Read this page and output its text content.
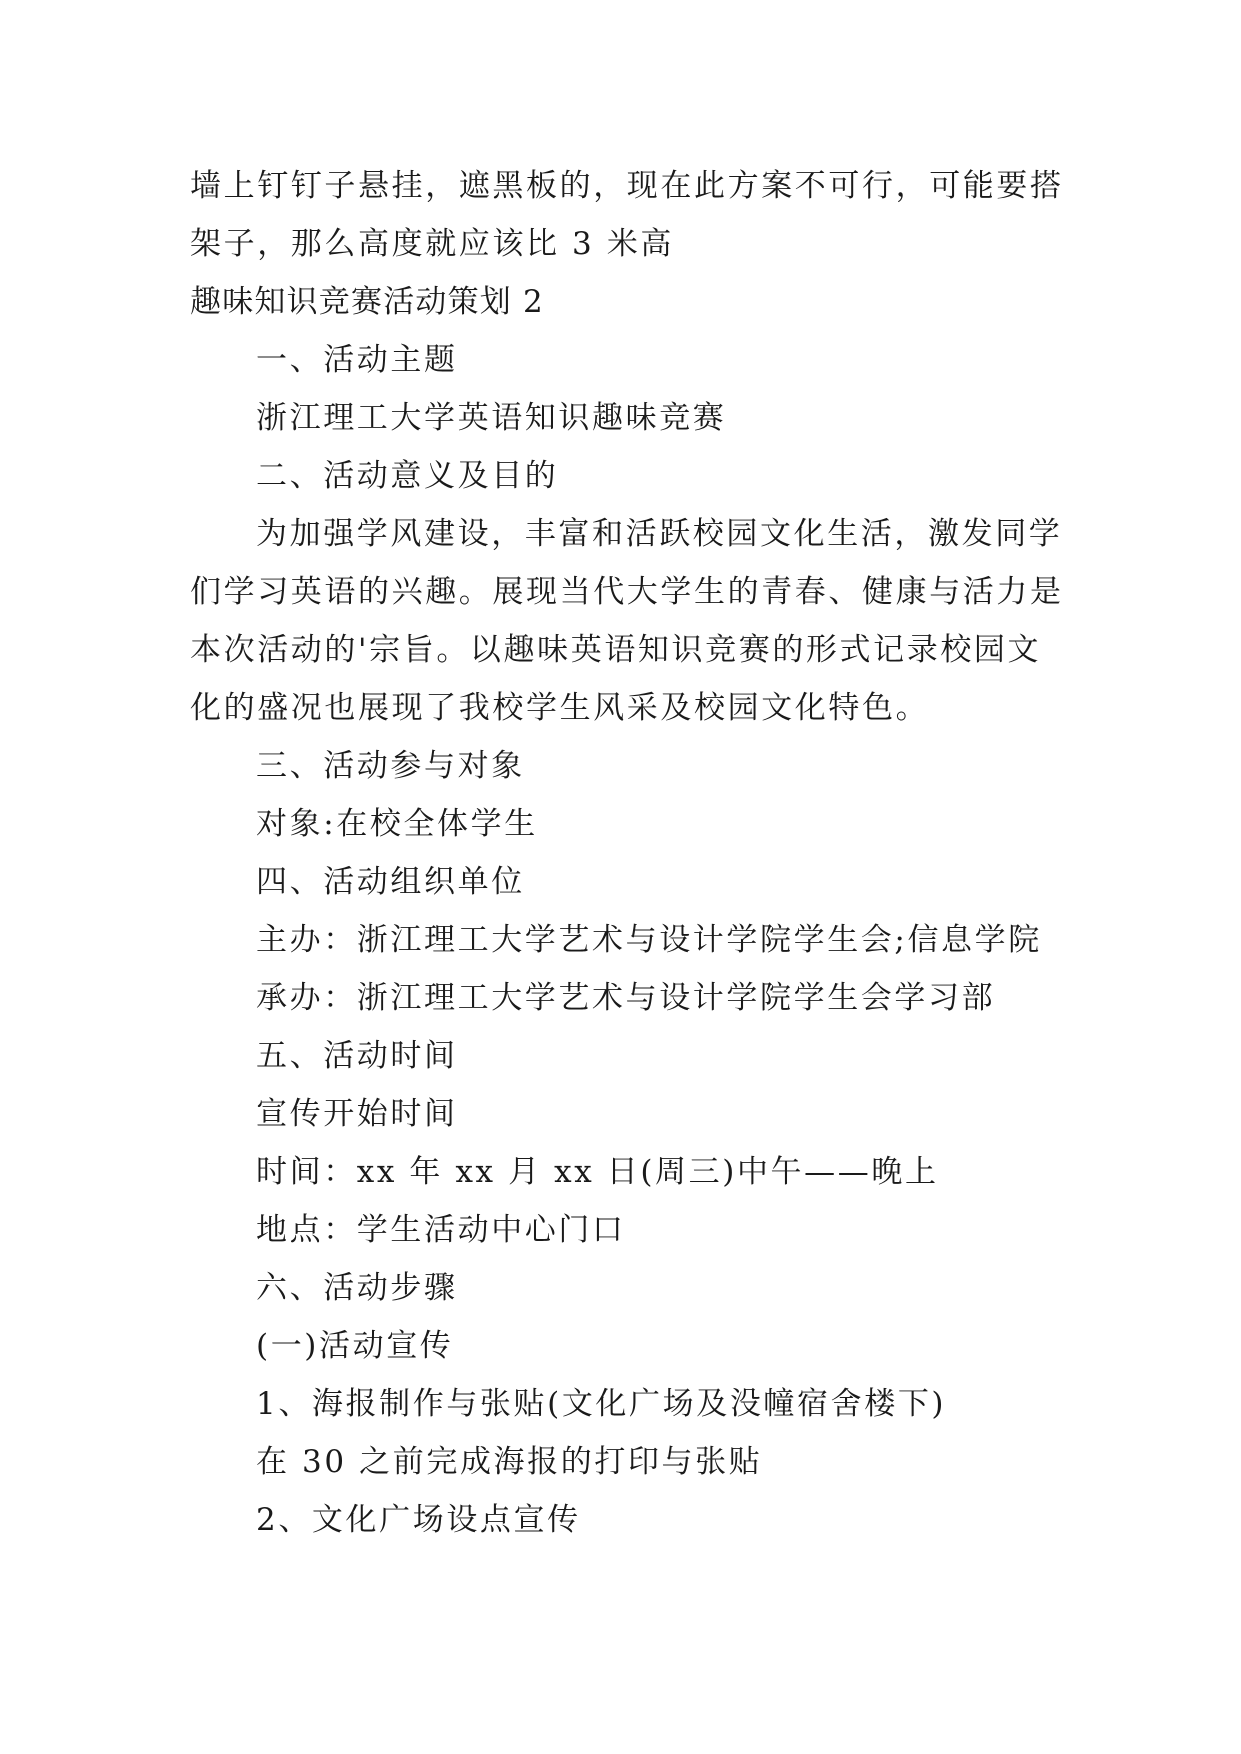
墙上钉钉子悬挂，遮黑板的，现在此方案不可行，可能要搭
架子，那么高度就应该比 3 米高
趣味知识竞赛活动策划 2
一、活动主题
浙江理工大学英语知识趣味竞赛
二、活动意义及目的
为加强学风建设，丰富和活跃校园文化生活，激发同学
们学习英语的兴趣。展现当代大学生的青春、健康与活力是
本次活动的'宗旨。以趣味英语知识竞赛的形式记录校园文
化的盛况也展现了我校学生风采及校园文化特色。
三、活动参与对象
对象:在校全体学生
四、活动组织单位
主办：浙江理工大学艺术与设计学院学生会;信息学院
承办：浙江理工大学艺术与设计学院学生会学习部
五、活动时间
宣传开始时间
时间：xx 年 xx 月 xx 日(周三)中午——晚上
地点：学生活动中心门口
六、活动步骤
(一)活动宣传
1、海报制作与张贴(文化广场及没幢宿舍楼下)
在 30 之前完成海报的打印与张贴
2、文化广场设点宣传
